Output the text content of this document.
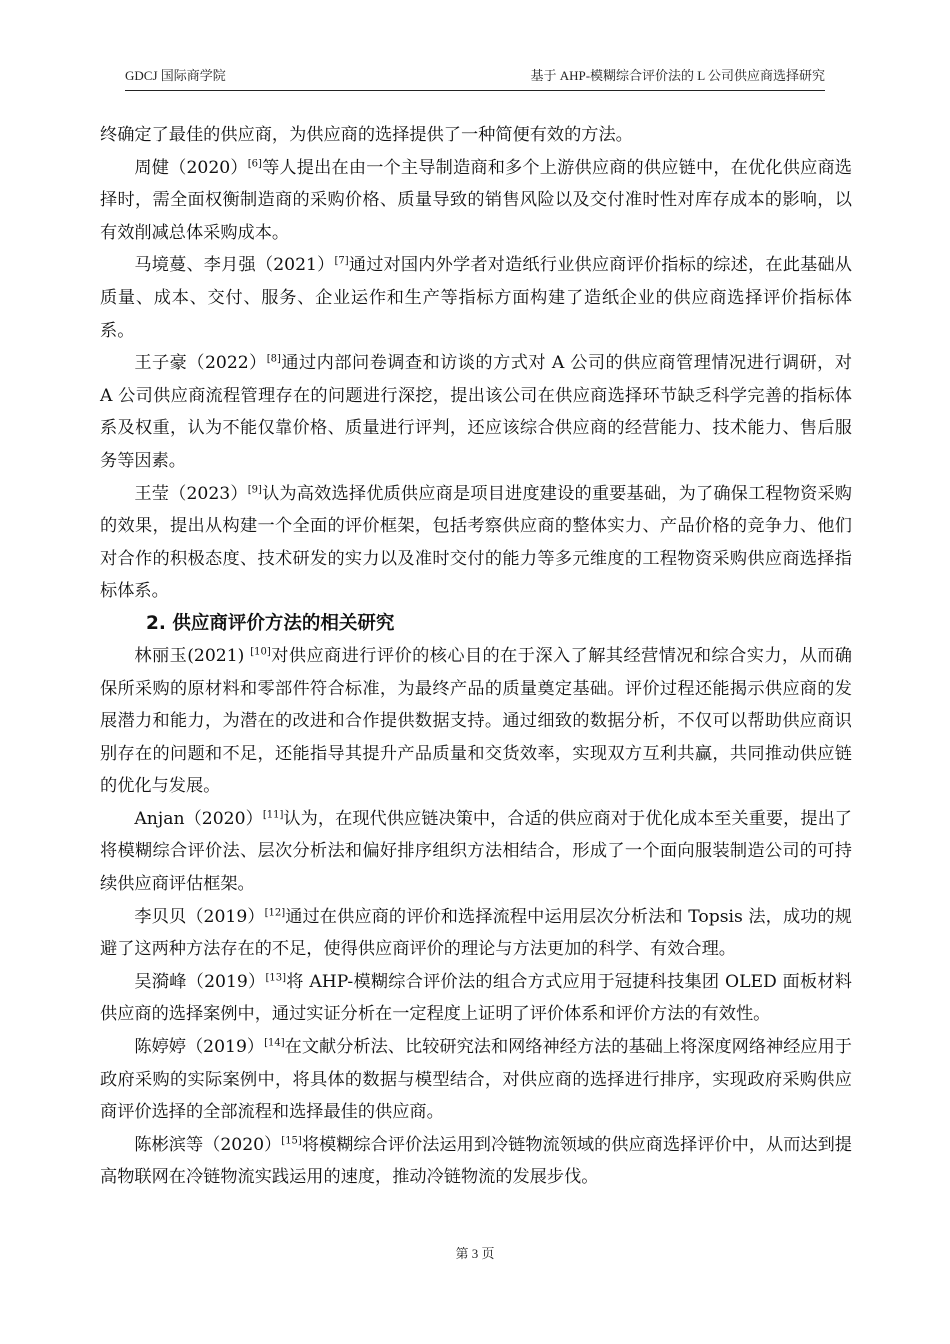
GDCJ 国际商学院	基于 AHP-模糊综合评价法的 L 公司供应商选择研究

终确定了最佳的供应商，为供应商的选择提供了一种简便有效的方法。

周健（2020）[6]等人提出在由一个主导制造商和多个上游供应商的供应链中，在优化供应商选择时，需全面权衡制造商的采购价格、质量导致的销售风险以及交付准时性对库存成本的影响，以有效削减总体采购成本。

马境蔓、李月强（2021）[7]通过对国内外学者对造纸行业供应商评价指标的综述，在此基础从质量、成本、交付、服务、企业运作和生产等指标方面构建了造纸企业的供应商选择评价指标体系。

王子豪（2022）[8]通过内部问卷调查和访谈的方式对 A 公司的供应商管理情况进行调研，对 A 公司供应商流程管理存在的问题进行深挖，提出该公司在供应商选择环节缺乏科学完善的指标体系及权重，认为不能仅靠价格、质量进行评判，还应该综合供应商的经营能力、技术能力、售后服务等因素。

王莹（2023）[9]认为高效选择优质供应商是项目进度建设的重要基础，为了确保工程物资采购的效果，提出从构建一个全面的评价框架，包括考察供应商的整体实力、产品价格的竞争力、他们对合作的积极态度、技术研发的实力以及准时交付的能力等多元维度的工程物资采购供应商选择指标体系。

2. 供应商评价方法的相关研究

林丽玉(2021) [10]对供应商进行评价的核心目的在于深入了解其经营情况和综合实力，从而确保所采购的原材料和零部件符合标准，为最终产品的质量奠定基础。评价过程还能揭示供应商的发展潜力和能力，为潜在的改进和合作提供数据支持。通过细致的数据分析，不仅可以帮助供应商识别存在的问题和不足，还能指导其提升产品质量和交货效率，实现双方互利共赢，共同推动供应链的优化与发展。

Anjan（2020）[11]认为，在现代供应链决策中，合适的供应商对于优化成本至关重要，提出了将模糊综合评价法、层次分析法和偏好排序组织方法相结合，形成了一个面向服装制造公司的可持续供应商评估框架。

李贝贝（2019）[12]通过在供应商的评价和选择流程中运用层次分析法和 Topsis 法，成功的规避了这两种方法存在的不足，使得供应商评价的理论与方法更加的科学、有效合理。

吴漪峰（2019）[13]将 AHP-模糊综合评价法的组合方式应用于冠捷科技集团 OLED 面板材料供应商的选择案例中，通过实证分析在一定程度上证明了评价体系和评价方法的有效性。

陈婷婷（2019）[14]在文献分析法、比较研究法和网络神经方法的基础上将深度网络神经应用于政府采购的实际案例中，将具体的数据与模型结合，对供应商的选择进行排序，实现政府采购供应商评价选择的全部流程和选择最佳的供应商。

陈彬滨等（2020）[15]将模糊综合评价法运用到冷链物流领域的供应商选择评价中，从而达到提高物联网在冷链物流实践运用的速度，推动冷链物流的发展步伐。

第 3 页
